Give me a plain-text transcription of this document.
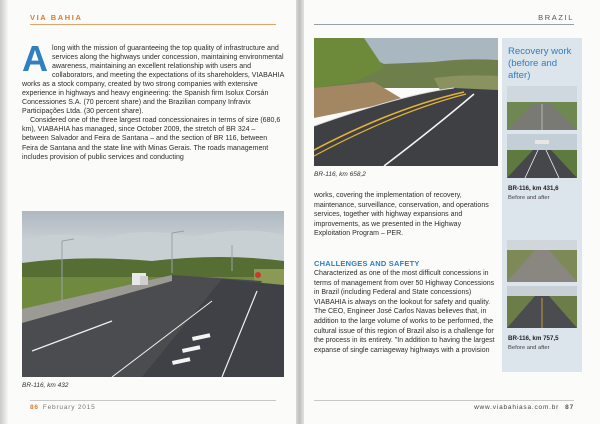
VIA BAHIA

Along with the mission of guaranteeing the top quality of infrastructure and services along the highways under concession, maintaining environmental awareness, maintaining an excellent relationship with users and collaborators, and meeting the expectations of its shareholders, VIABAHIA works as a stock company, created by two strong companies with extensive experience in highways and heavy engineering: the Spanish firm Isolux Corsán Concessiones S.A. (70 percent share) and the Brazilian company Infravix Participações Ltda. (30 percent share).

Considered one of the three largest road concessionaires in terms of size (680,6 km), VIABAHIA has managed, since October 2009, the stretch of BR 324 – between Salvador and Feira de Santana – and the section of BR 116, between Feira de Santana and the state line with Minas Gerais. The roads management includes provision of public services and conducting

BR-116, km 432
86 February 2015
BRAZIL
BR-116, km 658,2
works, covering the implementation of recovery, maintenance, surveillance, conservation, and operations services, together with highway expansions and improvements, as we presented in the Highway Exploitation Program – PER.
CHALLENGES AND SAFETY
Characterized as one of the most difficult concessions in terms of management from over 50 Highway Concessions in Brazil (including Federal and State concessions) VIABAHIA is always on the lookout for safety and quality. The CEO, Engineer José Carlos Navas believes that, in addition to the large volume of works to be performed, the cultural issue of this region of Brazil also is a challenge for the process in its entirety. "In addition to having the largest expanse of single carriageway highways with a provision
Recovery work (before and after)
BR-116, km 431,6
Before and after
BR-116, km 757,5
Before and after
www.viabahiasa.com.br 87
